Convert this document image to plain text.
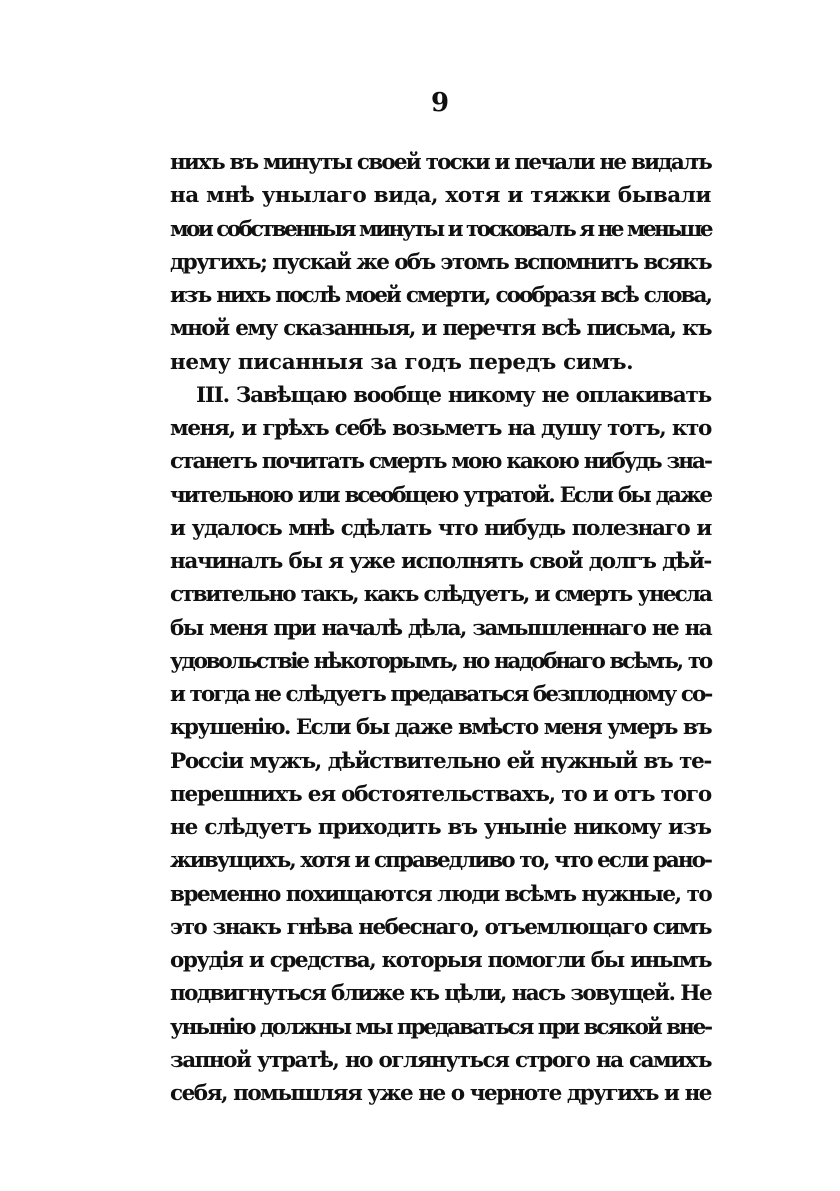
9
нихъ въ минуты своей тоски и печали не видалъ
на мнѣ унылаго вида, хотя и тяжки бывали
мои собственныя минуты и тосковалъ я не меньше
другихъ; пускай же объ этомъ вспомнитъ всякъ
изъ нихъ послѣ моей смерти, сообразя всѣ слова,
мной ему сказанныя, и перечтя всѣ письма, къ
нему писанныя за годъ передъ симъ.
III. Завѣщаю вообще никому не оплакивать
меня, и грѣхъ себѣ возьметъ на душу тотъ, кто
станетъ почитать смерть мою какою нибудь зна-
чительною или всеобщею утратой. Если бы даже
и удалось мнѣ сдѣлать что нибудь полезнаго и
начиналъ бы я уже исполнять свой долгъ дѣй-
ствительно такъ, какъ слѣдуетъ, и смерть унесла
бы меня при началѣ дѣла, замышленнаго не на
удовольствіе нѣкоторымъ, но надобнаго всѣмъ, то
и тогда не слѣдуетъ предаваться безплодному со-
крушенію. Если бы даже вмѣсто меня умеръ въ
Россіи мужъ, дѣйствительно ей нужный въ те-
перешнихъ ея обстоятельствахъ, то и отъ того
не слѣдуетъ приходить въ уныніе никому изъ
живущихъ, хотя и справедливо то, что если рано-
временно похищаются люди всѣмъ нужные, то
это знакъ гнѣва небеснаго, отъемлющаго симъ
орудія и средства, которыя помогли бы инымъ
подвигнуться ближе къ цѣли, насъ зовущей. Не
унынію должны мы предаваться при всякой вне-
запной утратѣ, но оглянуться строго на самихъ
себя, помышляя уже не о черноте другихъ и не
